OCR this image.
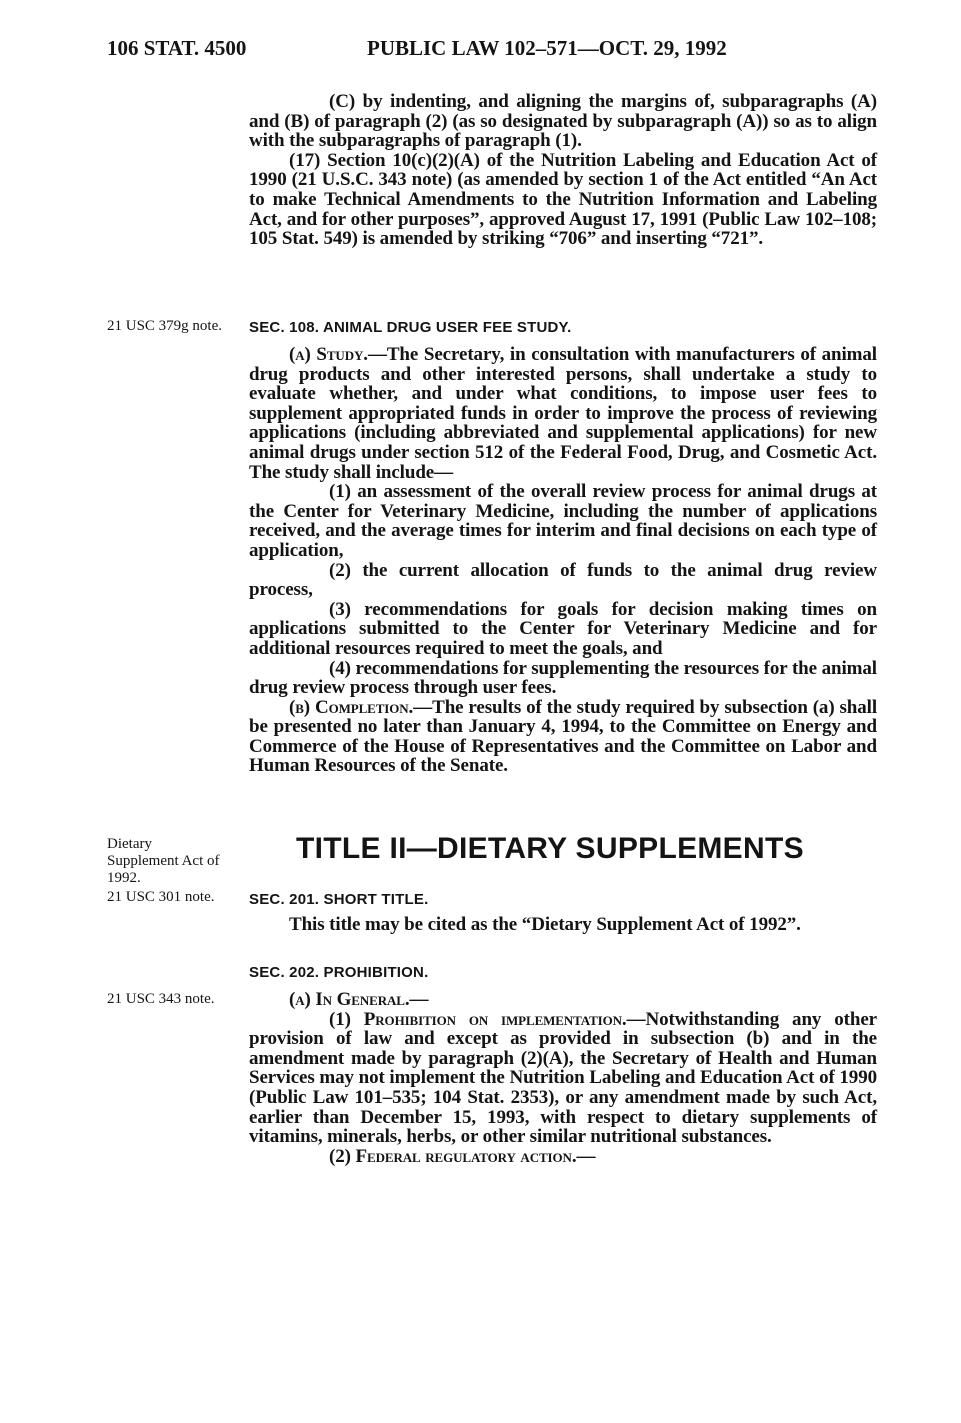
106 STAT. 4500	PUBLIC LAW 102–571—OCT. 29, 1992

(C) by indenting, and aligning the margins of, subparagraphs (A) and (B) of paragraph (2) (as so designated by subparagraph (A)) so as to align with the subparagraphs of paragraph (1).

(17) Section 10(c)(2)(A) of the Nutrition Labeling and Education Act of 1990 (21 U.S.C. 343 note) (as amended by section 1 of the Act entitled “An Act to make Technical Amendments to the Nutrition Information and Labeling Act, and for other purposes”, approved August 17, 1991 (Public Law 102–108; 105 Stat. 549) is amended by striking “706” and inserting “721”.

21 USC 379g note.
Dietary Supplement Act of 1992.
21 USC 301 note.
21 USC 343 note.
SEC. 108. ANIMAL DRUG USER FEE STUDY.

(a) Study.—The Secretary, in consultation with manufacturers of animal drug products and other interested persons, shall undertake a study to evaluate whether, and under what conditions, to impose user fees to supplement appropriated funds in order to improve the process of reviewing applications (including abbreviated and supplemental applications) for new animal drugs under section 512 of the Federal Food, Drug, and Cosmetic Act. The study shall include—

(1) an assessment of the overall review process for animal drugs at the Center for Veterinary Medicine, including the number of applications received, and the average times for interim and final decisions on each type of application,

(2) the current allocation of funds to the animal drug review process,

(3) recommendations for goals for decision making times on applications submitted to the Center for Veterinary Medicine and for additional resources required to meet the goals, and

(4) recommendations for supplementing the resources for the animal drug review process through user fees.

(b) Completion.—The results of the study required by subsection (a) shall be presented no later than January 4, 1994, to the Committee on Energy and Commerce of the House of Representatives and the Committee on Labor and Human Resources of the Senate.

TITLE II—DIETARY SUPPLEMENTS
SEC. 201. SHORT TITLE.

This title may be cited as the “Dietary Supplement Act of 1992”.

SEC. 202. PROHIBITION.

(a) In General.—

(1) Prohibition on implementation.—Notwithstanding any other provision of law and except as provided in subsection (b) and in the amendment made by paragraph (2)(A), the Secretary of Health and Human Services may not implement the Nutrition Labeling and Education Act of 1990 (Public Law 101–535; 104 Stat. 2353), or any amendment made by such Act, earlier than December 15, 1993, with respect to dietary supplements of vitamins, minerals, herbs, or other similar nutritional substances.

(2) Federal regulatory action.—
